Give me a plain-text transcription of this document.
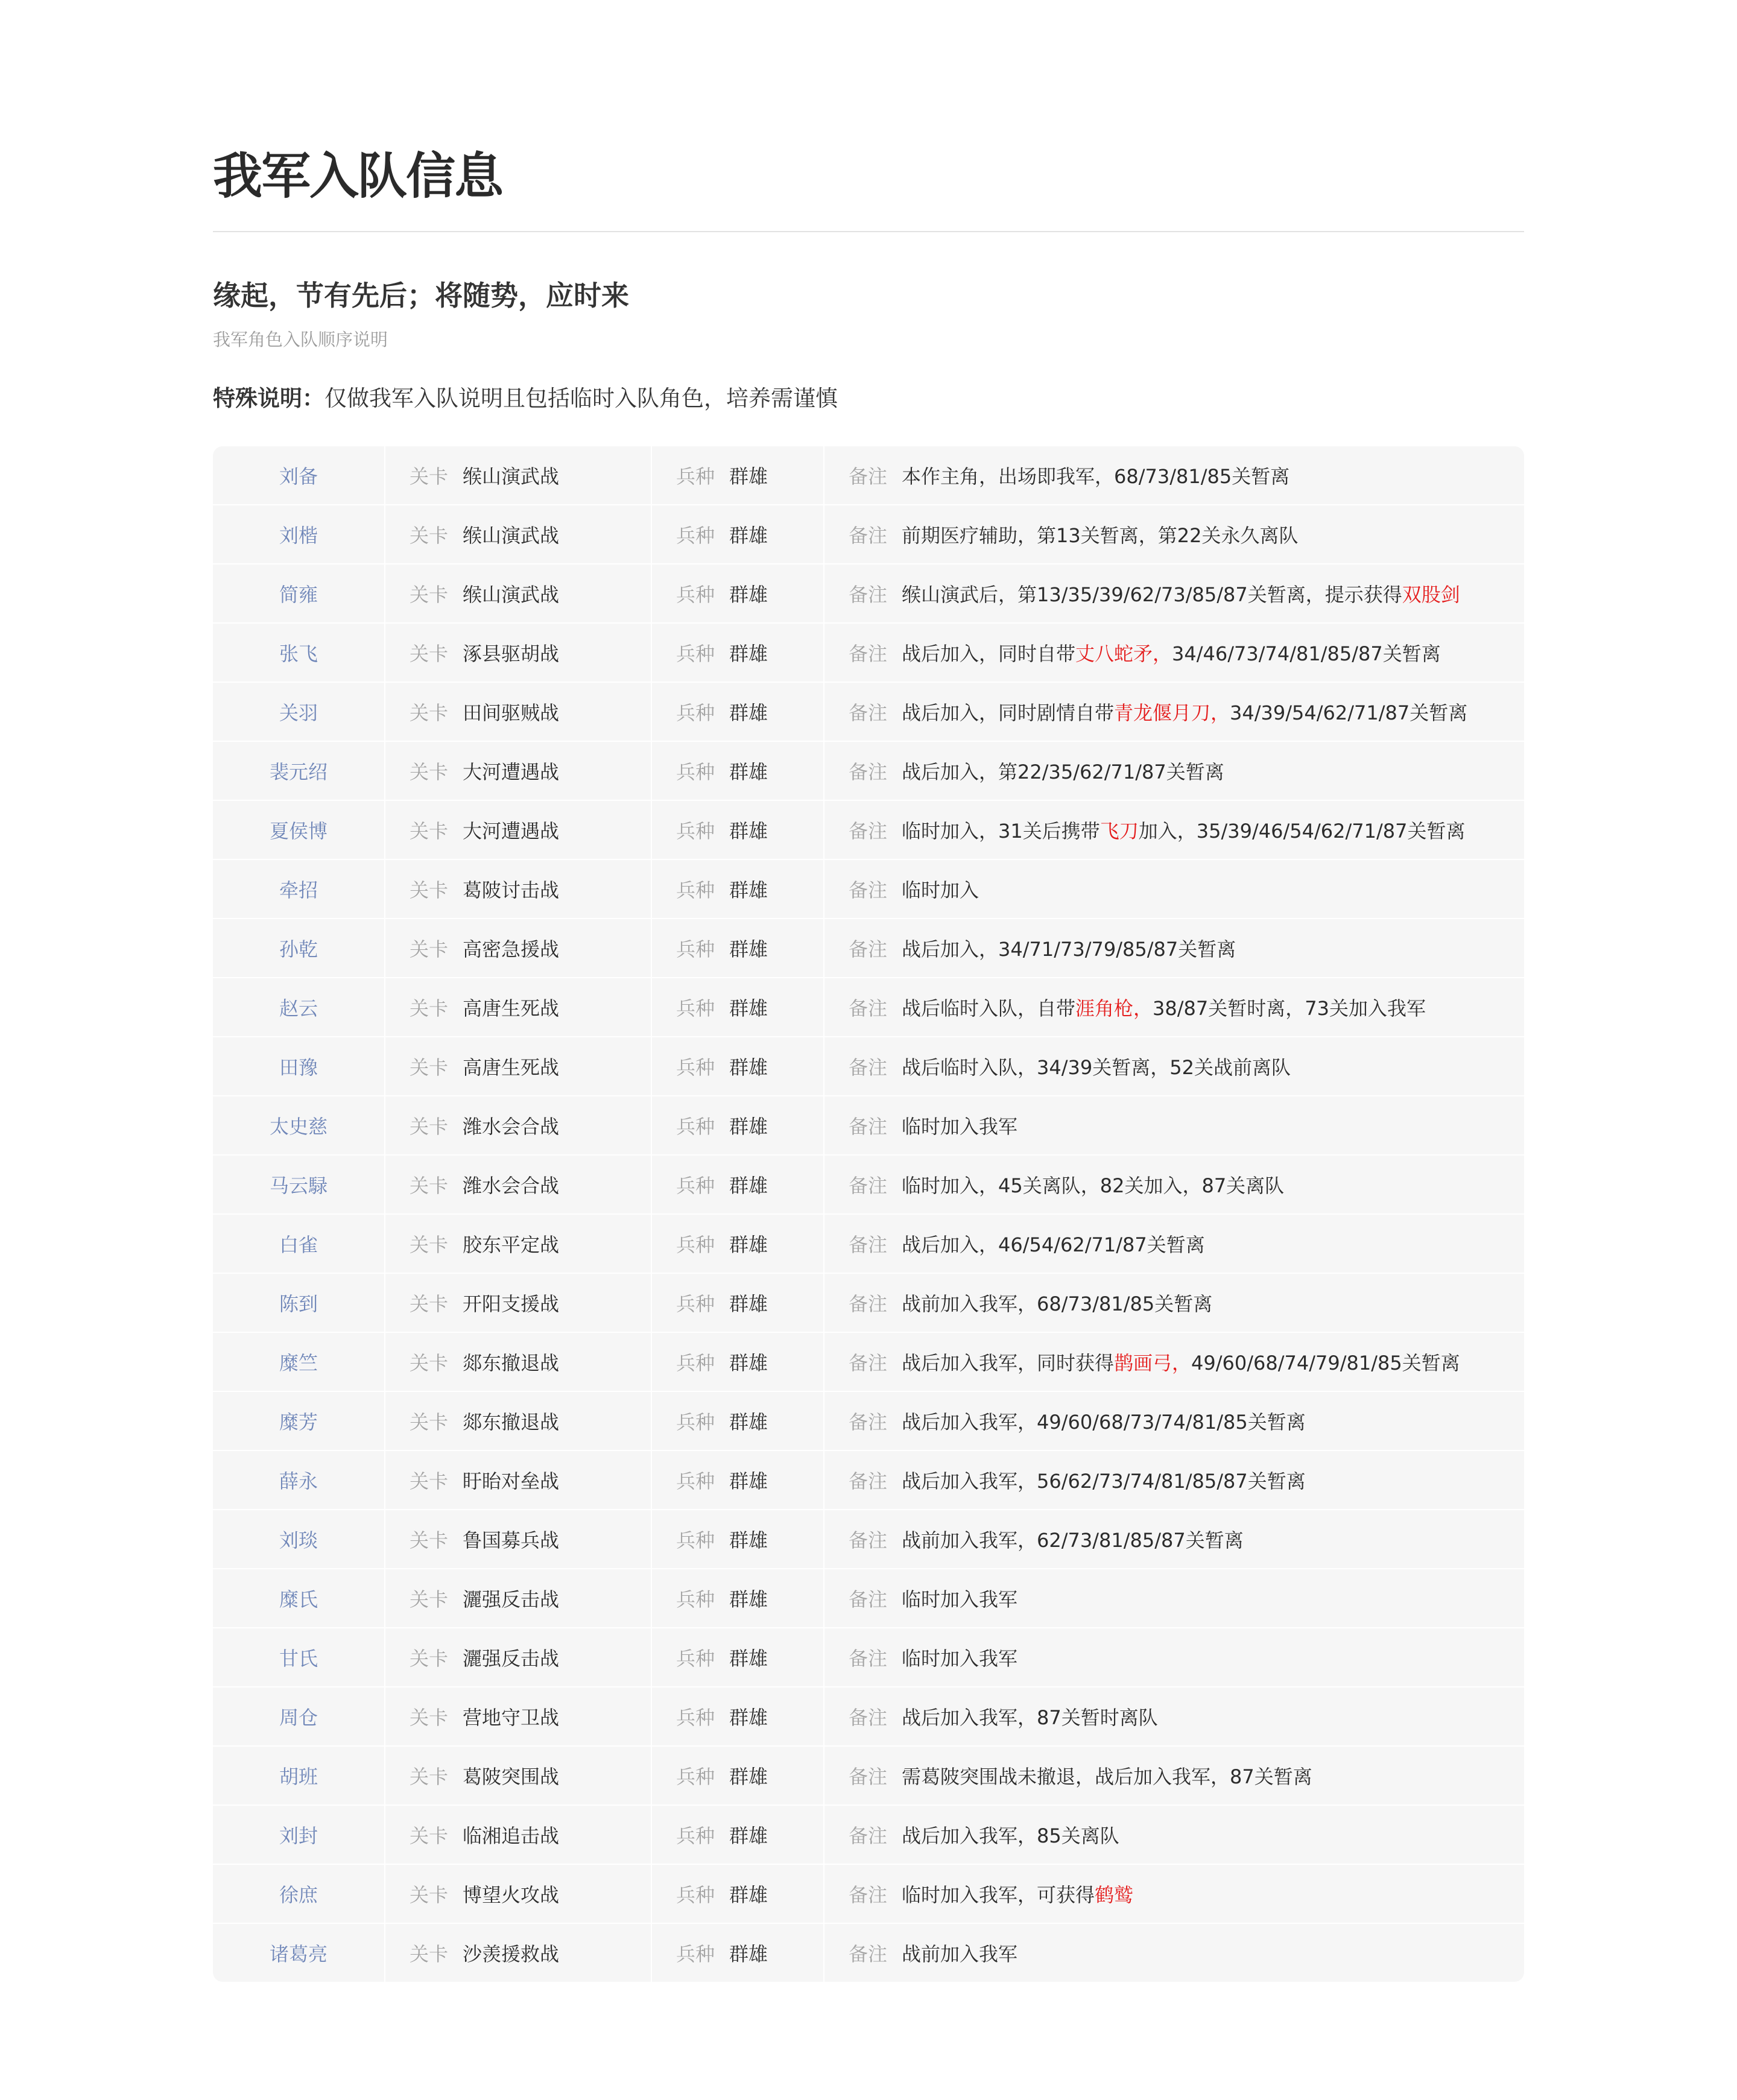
我军入队信息
缘起，节有先后；将随势，应时来

我军角色入队顺序说明

特殊说明：仅做我军入队说明且包括临时入队角色，培养需谨慎

刘备	关卡 缑山演武战	兵种 群雄	备注 本作主角，出场即我军，68/73/81/85关暂离
刘楷	关卡 缑山演武战	兵种 群雄	备注 前期医疗辅助，第13关暂离，第22关永久离队
简雍	关卡 缑山演武战	兵种 群雄	备注 缑山演武后，第13/35/39/62/73/85/87关暂离，提示获得双股剑
张飞	关卡 涿县驱胡战	兵种 群雄	备注 战后加入，同时自带丈八蛇矛，34/46/73/74/81/85/87关暂离
关羽	关卡 田间驱贼战	兵种 群雄	备注 战后加入，同时剧情自带青龙偃月刀，34/39/54/62/71/87关暂离
裴元绍	关卡 大河遭遇战	兵种 群雄	备注 战后加入，第22/35/62/71/87关暂离
夏侯博	关卡 大河遭遇战	兵种 群雄	备注 临时加入，31关后携带飞刀加入，35/39/46/54/62/71/87关暂离
牵招	关卡 葛陂讨击战	兵种 群雄	备注 临时加入
孙乾	关卡 高密急援战	兵种 群雄	备注 战后加入，34/71/73/79/85/87关暂离
赵云	关卡 高唐生死战	兵种 群雄	备注 战后临时入队，自带涯角枪，38/87关暂时离，73关加入我军
田豫	关卡 高唐生死战	兵种 群雄	备注 战后临时入队，34/39关暂离，52关战前离队
太史慈	关卡 潍水会合战	兵种 群雄	备注 临时加入我军
马云騄	关卡 潍水会合战	兵种 群雄	备注 临时加入，45关离队，82关加入，87关离队
白雀	关卡 胶东平定战	兵种 群雄	备注 战后加入，46/54/62/71/87关暂离
陈到	关卡 开阳支援战	兵种 群雄	备注 战前加入我军，68/73/81/85关暂离
糜竺	关卡 郯东撤退战	兵种 群雄	备注 战后加入我军，同时获得鹊画弓，49/60/68/74/79/81/85关暂离
糜芳	关卡 郯东撤退战	兵种 群雄	备注 战后加入我军，49/60/68/73/74/81/85关暂离
薛永	关卡 盱眙对垒战	兵种 群雄	备注 战后加入我军，56/62/73/74/81/85/87关暂离
刘琰	关卡 鲁国募兵战	兵种 群雄	备注 战前加入我军，62/73/81/85/87关暂离
糜氏	关卡 灑强反击战	兵种 群雄	备注 临时加入我军
甘氏	关卡 灑强反击战	兵种 群雄	备注 临时加入我军
周仓	关卡 营地守卫战	兵种 群雄	备注 战后加入我军，87关暂时离队
胡班	关卡 葛陂突围战	兵种 群雄	备注 需葛陂突围战未撤退，战后加入我军，87关暂离
刘封	关卡 临湘追击战	兵种 群雄	备注 战后加入我军，85关离队
徐庶	关卡 博望火攻战	兵种 群雄	备注 临时加入我军，可获得鹤鹫
诸葛亮	关卡 沙羡援救战	兵种 群雄	备注 战前加入我军
